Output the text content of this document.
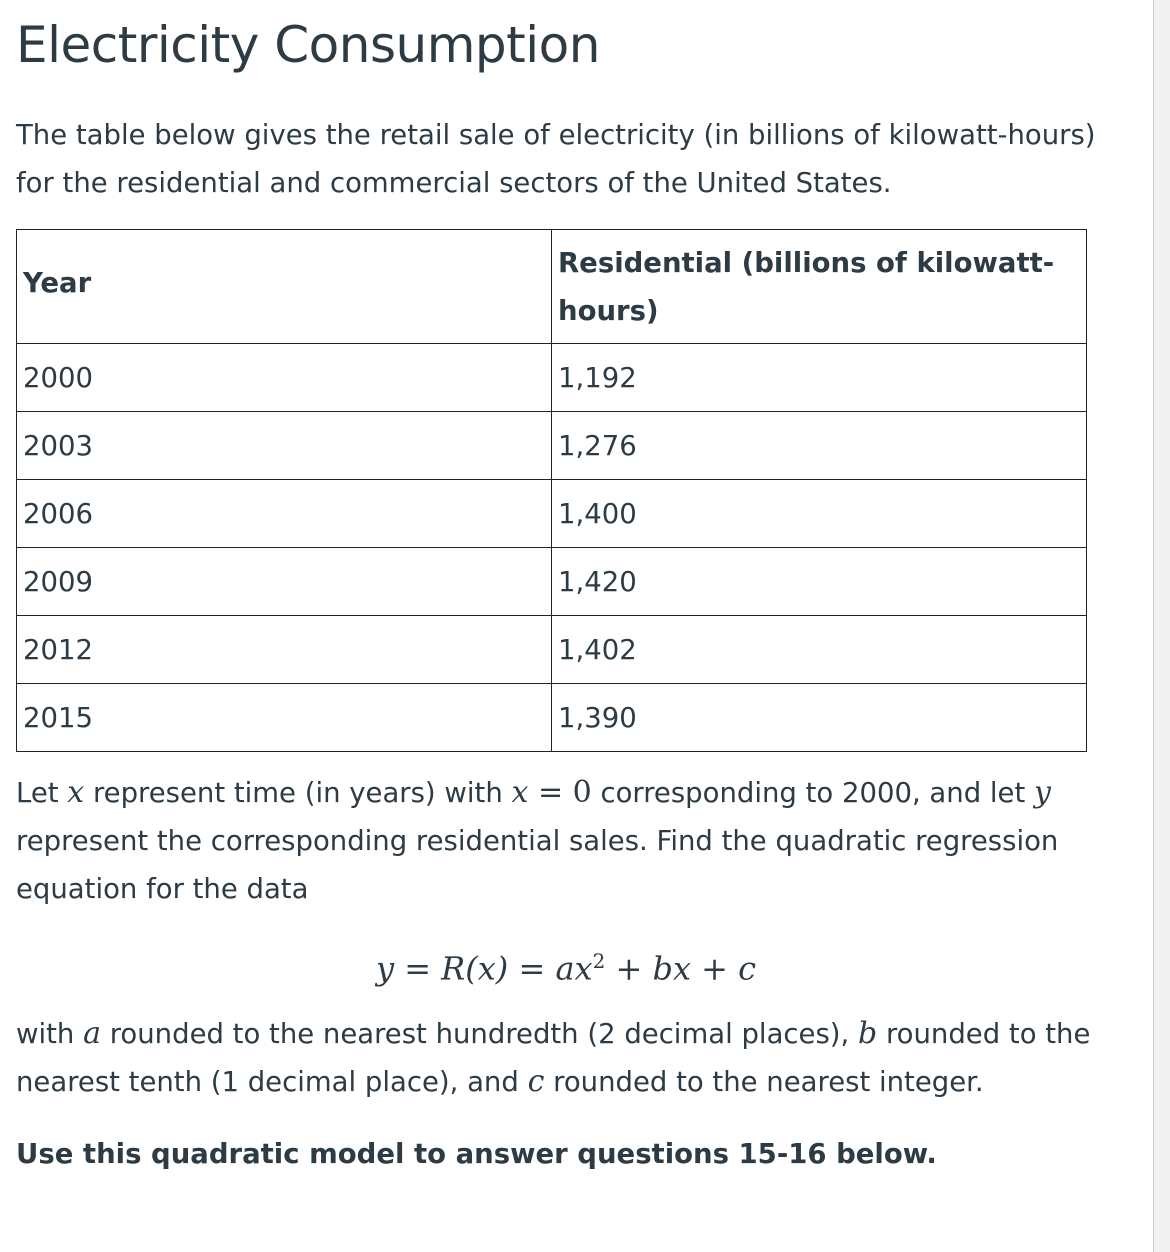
Electricity Consumption

The table below gives the retail sale of electricity (in billions of kilowatt-hours) for the residential and commercial sectors of the United States.

Year	Residential (billions of kilowatt-hours)
2000	1,192
2003	1,276
2006	1,400
2009	1,420
2012	1,402
2015	1,390

Let x represent time (in years) with x = 0 corresponding to 2000, and let y represent the corresponding residential sales. Find the quadratic regression equation for the data

$y = R(x) = ax^2$ + bx + c

with a rounded to the nearest hundredth (2 decimal places), b rounded to the nearest tenth (1 decimal place), and c rounded to the nearest integer.

Use this quadratic model to answer questions 15-16 below.
